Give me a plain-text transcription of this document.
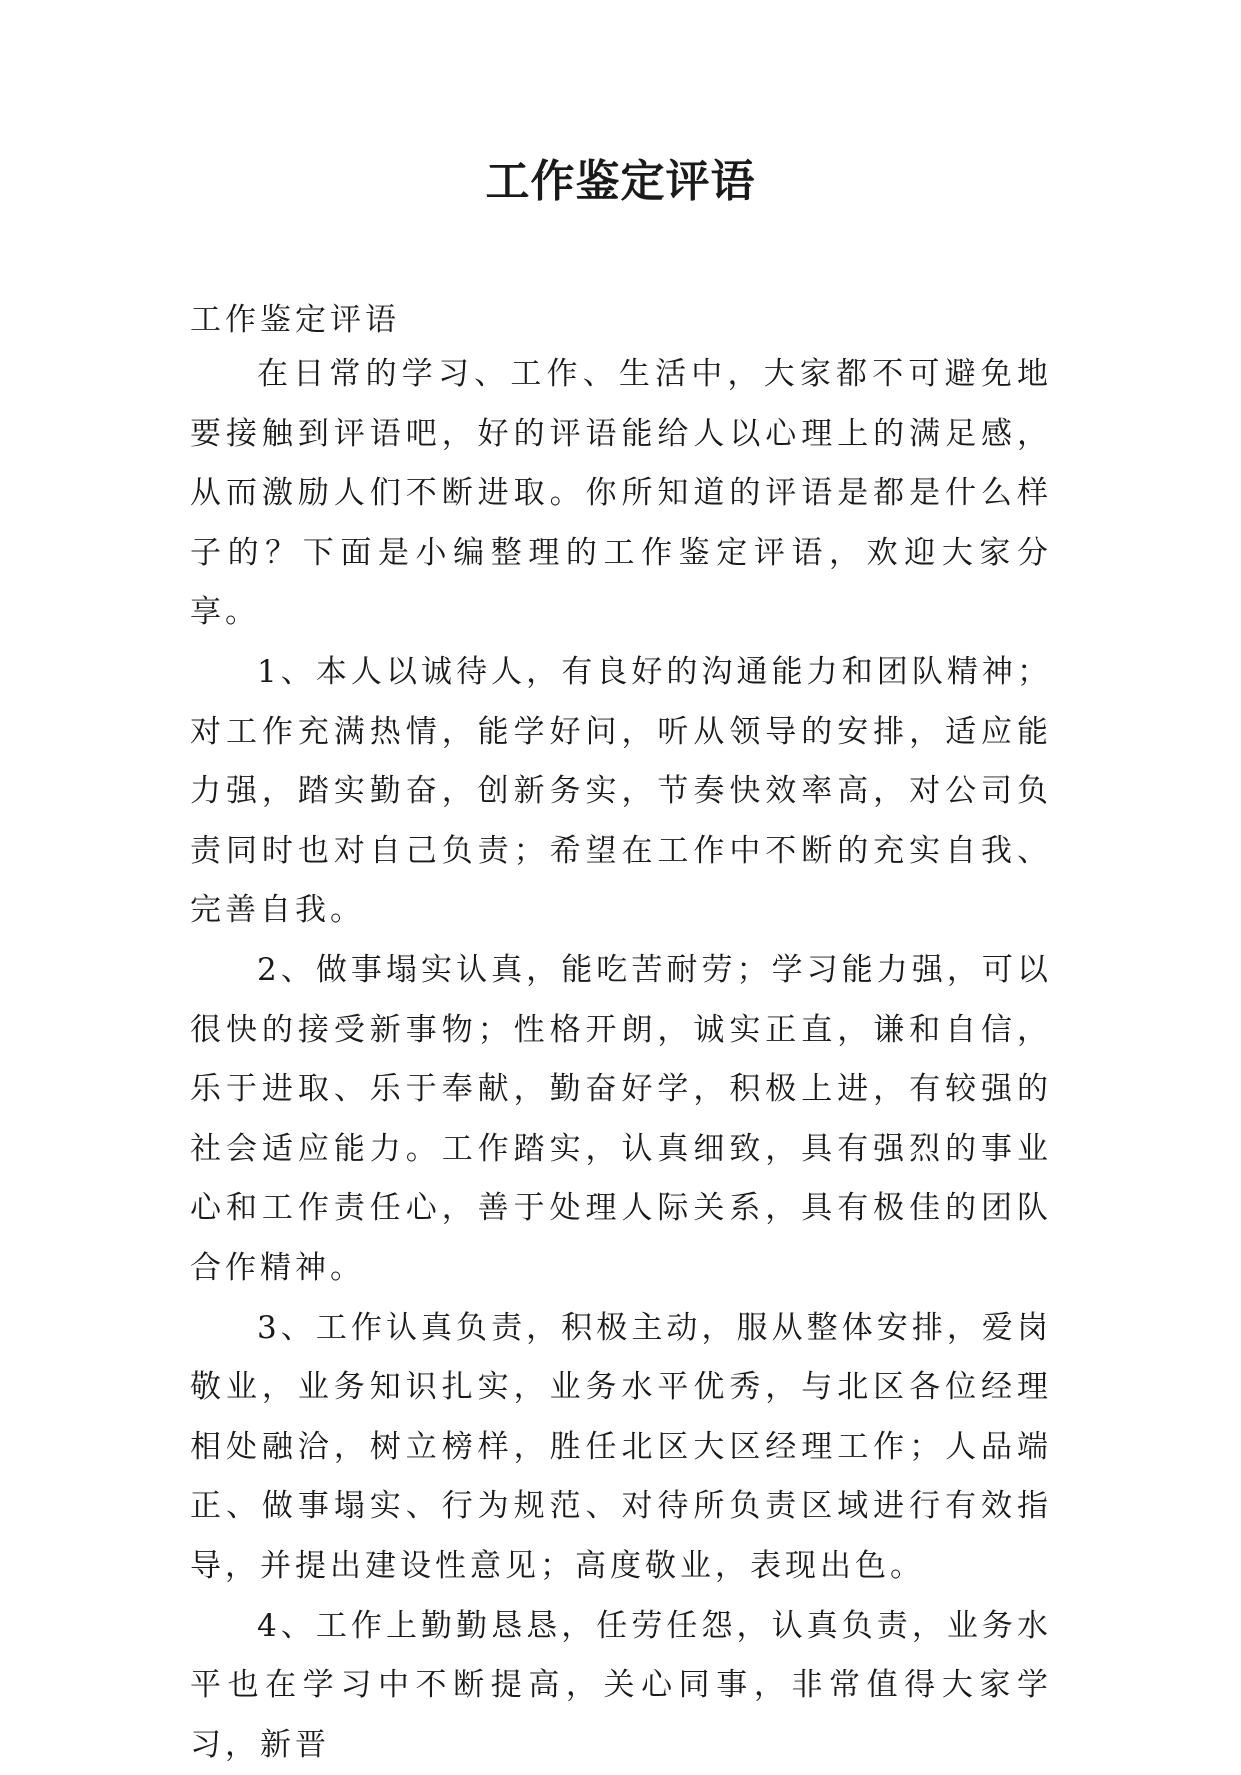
工作鉴定评语
工作鉴定评语
在日常的学习、工作、生活中，大家都不可避免地要接触到评语吧，好的评语能给人以心理上的满足感，从而激励人们不断进取。你所知道的评语是都是什么样子的？下面是小编整理的工作鉴定评语，欢迎大家分享。

1、本人以诚待人，有良好的沟通能力和团队精神；对工作充满热情，能学好问，听从领导的安排，适应能力强，踏实勤奋，创新务实，节奏快效率高，对公司负责同时也对自己负责；希望在工作中不断的充实自我、完善自我。

2、做事塌实认真，能吃苦耐劳；学习能力强，可以很快的接受新事物；性格开朗，诚实正直，谦和自信，乐于进取、乐于奉献，勤奋好学，积极上进，有较强的社会适应能力。工作踏实，认真细致，具有强烈的事业心和工作责任心，善于处理人际关系，具有极佳的团队合作精神。

3、工作认真负责，积极主动，服从整体安排，爱岗敬业，业务知识扎实，业务水平优秀，与北区各位经理相处融洽，树立榜样，胜任北区大区经理工作；人品端正、做事塌实、行为规范、对待所负责区域进行有效指导，并提出建设性意见；高度敬业，表现出色。

4、工作上勤勤恳恳，任劳任怨，认真负责，业务水平也在学习中不断提高，关心同事，非常值得大家学习，新晋
